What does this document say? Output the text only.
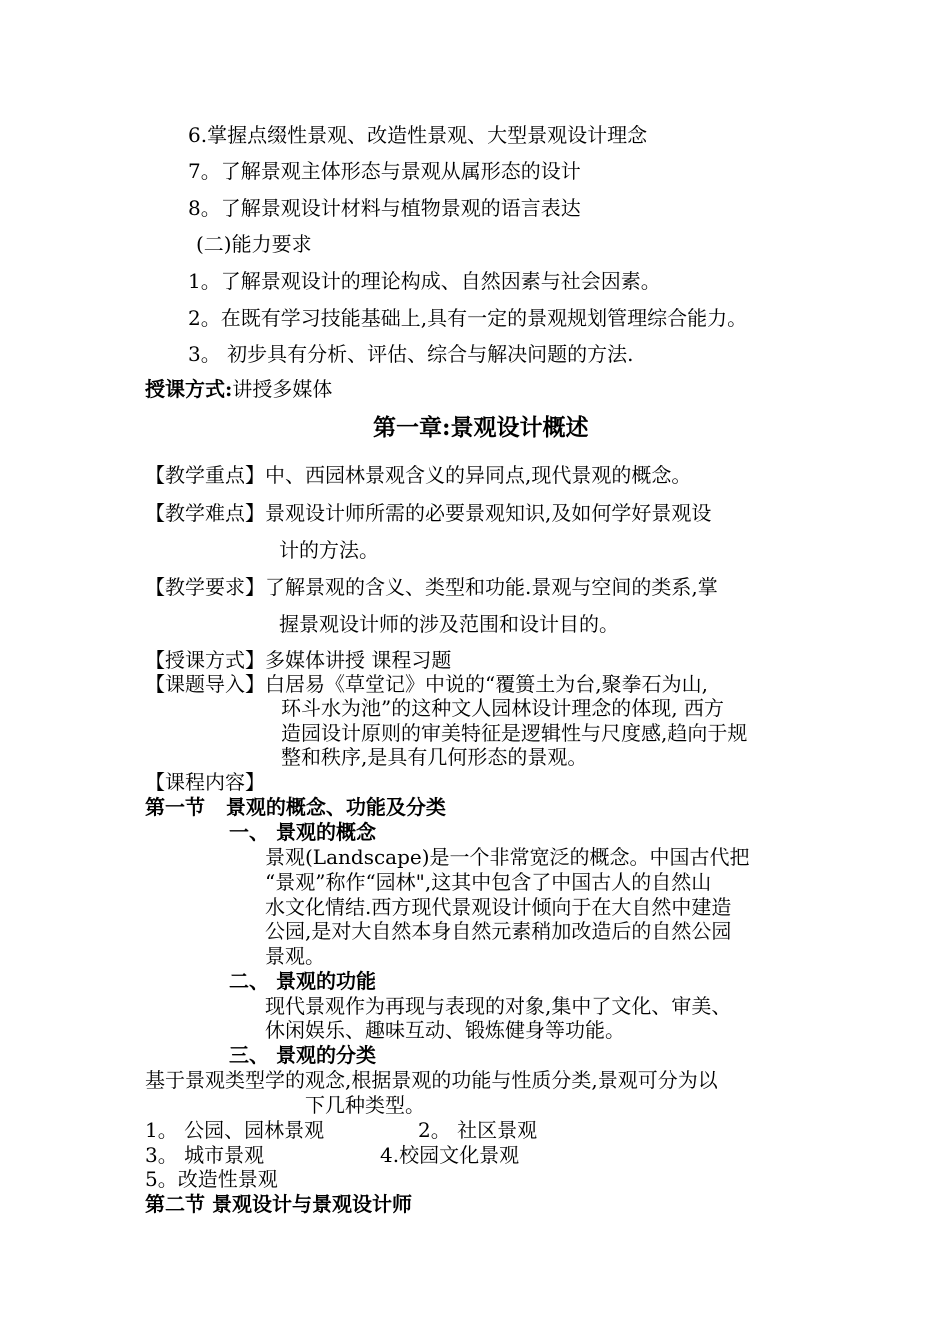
6.掌握点缀性景观、改造性景观、大型景观设计理念
7。了解景观主体形态与景观从属形态的设计
8。了解景观设计材料与植物景观的语言表达
(二)能力要求
1。了解景观设计的理论构成、自然因素与社会因素。
2。在既有学习技能基础上,具有一定的景观规划管理综合能力。
3。 初步具有分析、评估、综合与解决问题的方法.
授课方式:讲授多媒体
第一章:景观设计概述
【教学重点】中、西园林景观含义的异同点,现代景观的概念。
【教学难点】景观设计师所需的必要景观知识,及如何学好景观设
计的方法。
【教学要求】了解景观的含义、类型和功能.景观与空间的类系,掌
握景观设计师的涉及范围和设计目的。
【授课方式】多媒体讲授 课程习题
【课题导入】白居易《草堂记》中说的“覆篑土为台,聚拳石为山,
环斗水为池”的这种文人园林设计理念的体现, 西方
造园设计原则的审美特征是逻辑性与尺度感,趋向于规
整和秩序,是具有几何形态的景观。
【课程内容】
第一节   景观的概念、功能及分类
一、 景观的概念
景观(Landscape)是一个非常宽泛的概念。中国古代把
“景观”称作“园林",这其中包含了中国古人的自然山
水文化情结.西方现代景观设计倾向于在大自然中建造
公园,是对大自然本身自然元素稍加改造后的自然公园
景观。
二、 景观的功能
现代景观作为再现与表现的对象,集中了文化、审美、
休闲娱乐、趣味互动、锻炼健身等功能。
三、 景观的分类
基于景观类型学的观念,根据景观的功能与性质分类,景观可分为以
下几种类型。
1。 公园、园林景观	2。 社区景观
3。 城市景观	4.校园文化景观
5。改造性景观
第二节 景观设计与景观设计师
